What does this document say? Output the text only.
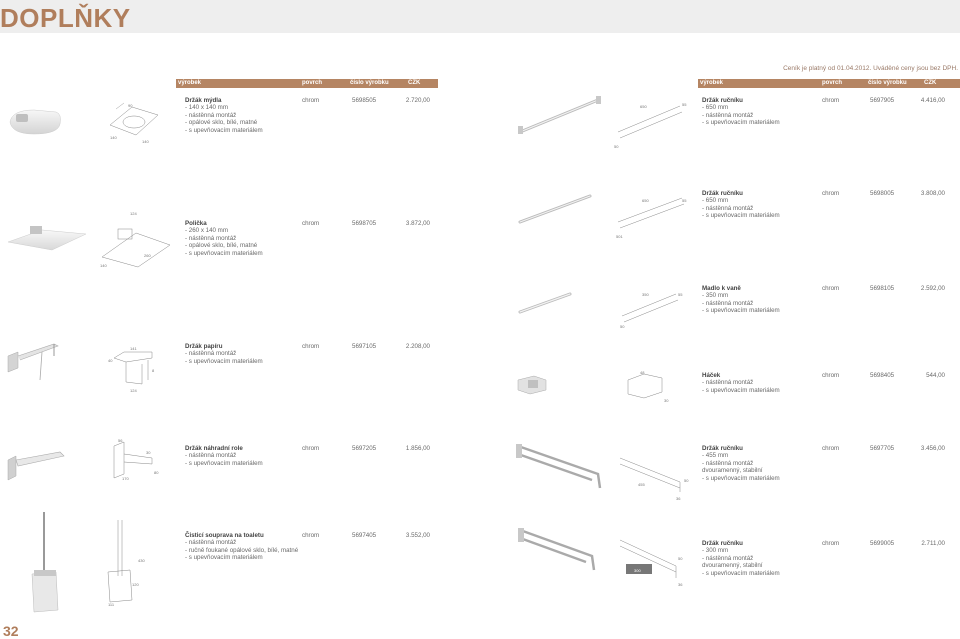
DOPLŇKY
Ceník je platný od 01.04.2012. Uváděné ceny jsou bez DPH.
výrobek	povrch	číslo výrobku	CZK	výrobek	povrch	číslo výrobku	CZK
90
140
140
Držák mýdla
- 140 x 140 mm
- nástěnná montáž
- opálové sklo, bílé, matné
- s upevňovacím materiálem
chrom	5698505	2.720,00
124
260
140
Polička
- 260 x 140 mm
- nástěnná montáž
- opálové sklo, bílé, matné
- s upevňovacím materiálem
chrom	5698705	3.872,00
141
40
124
8
Držák papíru
- nástěnná montáž
- s upevňovacím materiálem
chrom	5697105	2.208,00
56
170
30
80
Držák náhradní role
- nástěnná montáž
- s upevňovacím materiálem
chrom	5697205	1.856,00
430
120
111
Čisticí souprava na toaletu
- nástěnná montáž
- ručně foukané opálové sklo, bílé, matné
- s upevňovacím materiálem
chrom	5697405	3.552,00
650	55
50
Držák ručníku
- 650 mm
- nástěnná montáž
- s upevňovacím materiálem
chrom	5697905	4.416,00
650	55
501
Držák ručníku
- 650 mm
- nástěnná montáž
- s upevňovacím materiálem
chrom	5698005	3.808,00
350	55
50
Madlo k vaně
- 350 mm
- nástěnná montáž
- s upevňovacím materiálem
chrom	5698105	2.592,00
48
30
Háček
- nástěnná montáž
- s upevňovacím materiálem
chrom	5698405	544,00
455
50
36
Držák ručníku
- 455 mm
- nástěnná montáž
dvouramenný, stabilní
- s upevňovacím materiálem
chrom	5697705	3.456,00
300
50
36
Držák ručníku
- 300 mm
- nástěnná montáž
dvouramenný, stabilní
- s upevňovacím materiálem
chrom	5699005	2.711,00
32
